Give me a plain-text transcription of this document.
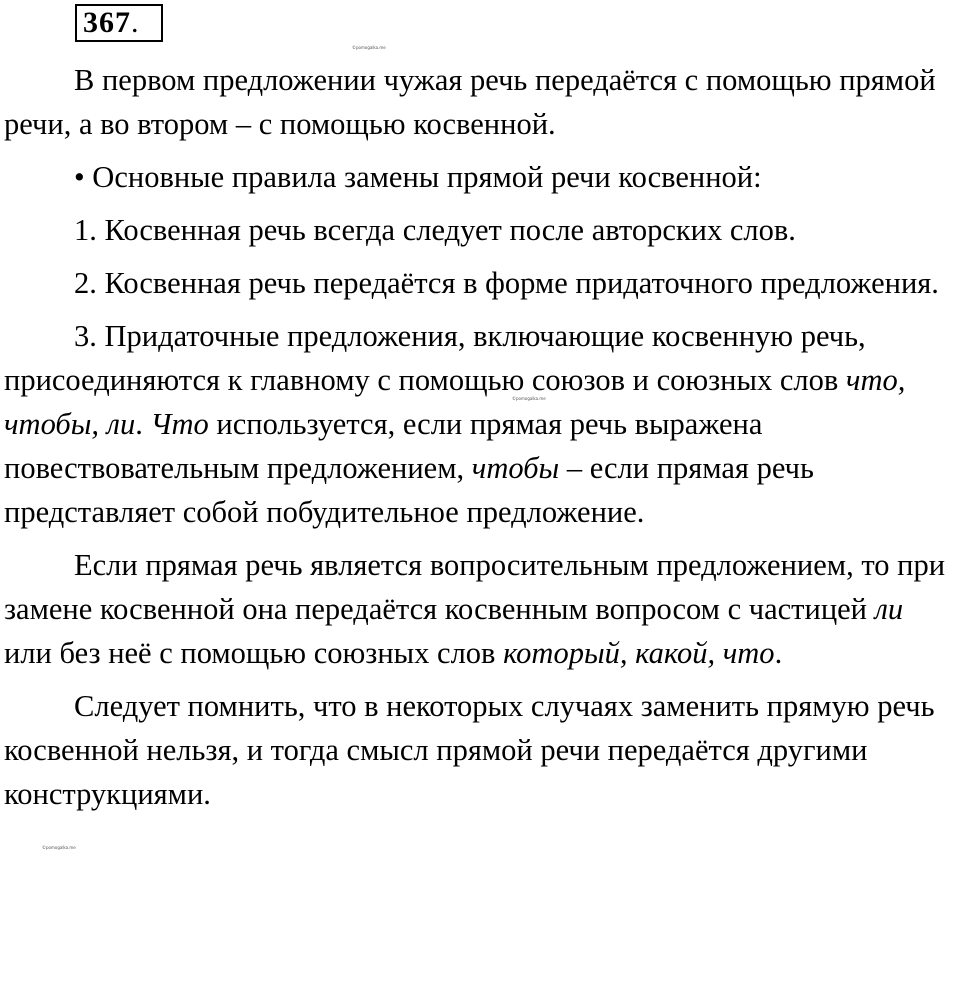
367.
©pomogalka.me
©pomogalka.me
©pomogalka.me

В первом предложении чужая речь передаётся с помощью прямой речи, а во втором – с помощью косвенной.

• Основные правила замены прямой речи косвенной:

1. Косвенная речь всегда следует после авторских слов.

2. Косвенная речь передаётся в форме придаточного предложения.

3. Придаточные предложения, включающие косвенную речь, присоединяются к главному с помощью союзов и союзных слов что, чтобы, ли. Что используется, если прямая речь выражена повествовательным предложением, чтобы – если прямая речь представляет собой побудительное предложение.

Если прямая речь является вопросительным предложением, то при замене косвенной она передаётся косвенным вопросом с частицей ли или без неё с помощью союзных слов который, какой, что.

Следует помнить, что в некоторых случаях заменить прямую речь косвенной нельзя, и тогда смысл прямой речи передаётся другими конструкциями.
